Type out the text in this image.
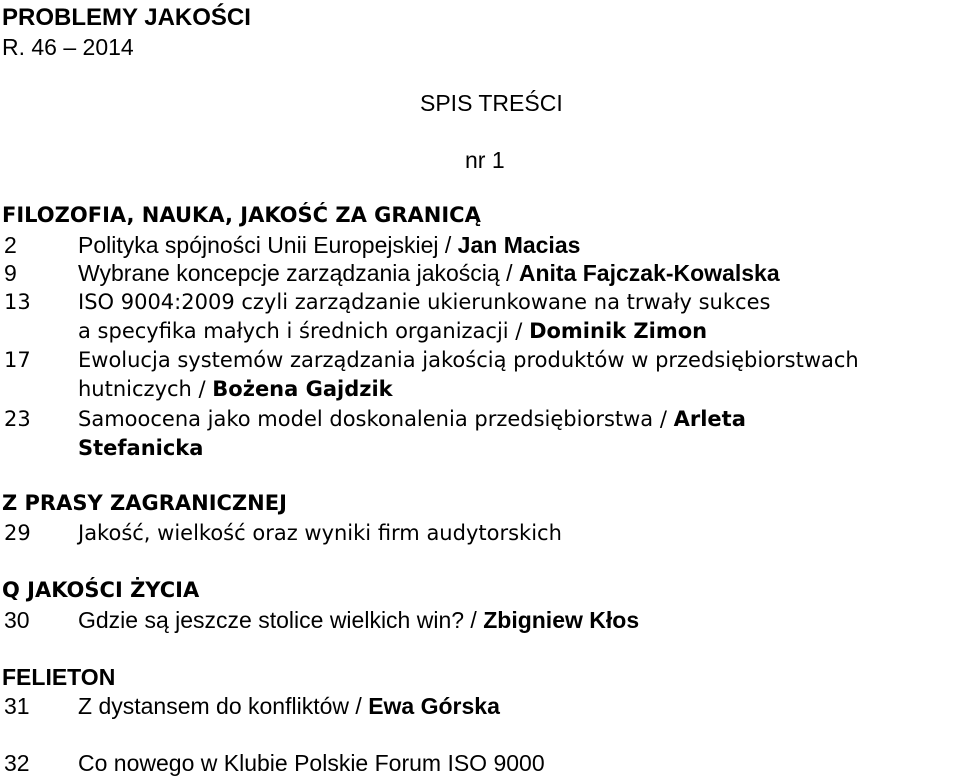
PROBLEMY JAKOŚCI
R. 46 – 2014
SPIS TREŚCI
nr 1
FILOZOFIA, NAUKA, JAKOŚĆ ZA GRANICĄ
2	Polityka spójności Unii Europejskiej / Jan Macias
9	Wybrane koncepcje zarządzania jakością / Anita Fajczak-Kowalska
13 ISO 9004:2009 czyli zarządzanie ukierunkowane na trwały sukces
a specyfika małych i średnich organizacji / Dominik Zimon
17 Ewolucja systemów zarządzania jakością produktów w przedsiębiorstwach
hutniczych / Bożena Gajdzik
23 Samoocena jako model doskonalenia przedsiębiorstwa / Arleta
Stefanicka
Z PRASY ZAGRANICZNEJ
29 Jakość, wielkość oraz wyniki firm audytorskich
Q JAKOŚCI ŻYCIA
30 Gdzie są jeszcze stolice wielkich win? / Zbigniew Kłos
FELIETON
31 Z dystansem do konfliktów / Ewa Górska
32 Co nowego w Klubie Polskie Forum ISO 9000
